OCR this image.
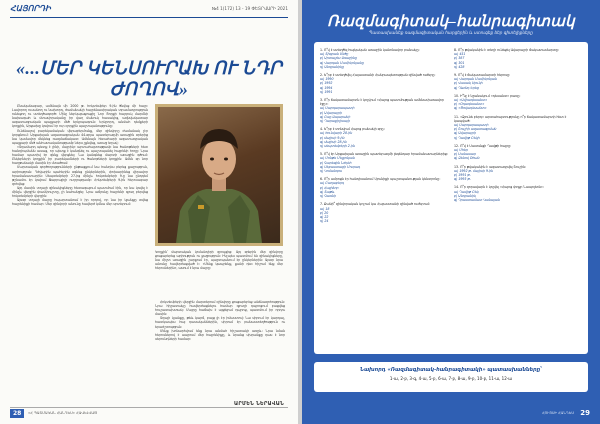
ՀԱՅՈՐԴԻ	№4 1(172) 13 - 19 ՓԵՏՐՎԱՐԻ 2021
«...ՄԵՐ ԿԵՆՍՈՒՐԱԽ ՈՒ ՆԴՐ ԺՈՂՈՎ»

Բնականաբար, ամենայն մի 2000 թ. հոկտեմբեր 9-ին ծնվեց մի հայր։ Լավորող ուսանող ու նախորդ, ժամանակի հայրենասիրական տրամադրություն ունեցող ու ստեղծագործ։ Մինչ ներկայացուցիչ Նոր Յորքի հայդուկ մարմնի նախագահ և մտավորականը իր վաղ մանուկ հասակից, ազնվակատար ազատագրական պայքարի մեծ երկրպագուն։ Երկրորդ, անմահ դեմքերի կողքին, Արցախը կռվում էր ուր զորքին պաշտպանությունը։

Ունենալով բարեկամական վերաբերմունք, մեր զինվորը ժամանակ չէր կորցնում։ Արցախյան ազատագրական 44-օրյա պատերազմի առաջին օրերից նա կամավոր մեկնեց ռազմաճակատ։ Ամենայն հեռահարի ազատագրական պայքարի մեծ անհատականությամբ ներս չքնվեց, առաջ եղավ։

«Տղամարդ պետք է լինի, մայրիկ» արտահայտությամբ նա ծանոթների հետ հանդիպմանն ասաց, որ պետք է կանգնել ու պաշտպանել հայրենի հողը։ Նրա համար պատիվ էր զենք վերցնել։ Նա կանգնեց մարտի առաջին գծում։ Ընկերների կողքին՝ իր բարեկամների ու ծանոթների կողքին։ Ամեն օր նոր հաղթանակի մասին էր մտածում։

Մարտական գործողությունների ընթացքում նա հանդես բերեց քաջություն, արիություն։ Դժվարին պահերին օգնեց ընկերներին, փոխարինեց վիրավոր հրամանատարին։ Սեպտեմբերի 27-ից մինչև հոկտեմբերի 9-ը նա ընդդեմ թշնամու էր կռվում Ջաբրայիլի ուղղությամբ։ Հոկտեմբերի 9-ին հերոսաբար զոհվեց։

Այդ մասին տղայի զինակիցները հետագայում պատմում էին, որ նա կռվել է մինչև վերջին փամփուշտը, չի նահանջել։ Նրա աճյունը հայրենի գյուղ բերվեց հոկտեմբերի վերջին։

Այսօր տղայի մայրը հպարտանում է իր որդով, որ նա իր կյանքը տվեց հայրենիքի համար։ Մեր զինվորի անունը հավերժ կմնա մեր սրտերում։

Կողքին՝ մարտական կոմանդիրի զրույցից։ Այդ օրերին մեր զինվորը ցուցաբերեց արիություն ու քաջություն։ Ինչպես պատմում են զինակիցները, նա միշտ առաջին շարքում էր, պաշտպանում էր ընկերներին։ Այսօր նրա անունը հավերժացված է։ «Մենք կապրենք, քանի դեռ հիշում ենք մեր հերոսներին», ասում է նրա մայրը։

Հոկտեմբերի վերջին մարտերում զինվորը ցուցաբերեց անձնազոհություն։ Նրա հիշատակը հավերժացնելու համար գյուղի դպրոցում բացվեց հուշատախտակ։ Մայրը հաճախ է այցելում դպրոց, պատմում իր որդու մասին։

Տղայի կյանքը, թեև կարճ, բայց լի էր իմաստով։ Նա սիրում էր կարդալ, հատկապես հայ դասականներին, սիրում էր բանաստեղծություն ու երաժշտություն։

Մենք խոնարհվում ենք նրա անմահ հիշատակի առջև։ Նրա նման հերոսներով է ապրում մեր հայրենիքը, և նրանց սխրանքը դաս է նոր սերունդների համար։

ԱՐՄԵՆ ՆԵՐԱՎԱՆ
28	«Հ ՊԱՏՄԱԿԱՆ ՀԱՆԴԵՍ» ՀԱՎԵԼՎԱԾ
Ռազմագիտակ–հանրագիտակ
Պատասխանեք ռազմագիտական հարցերին և ստուգեք ձեր գիտելիքները
1. Ո՞վ է ստեղծել հայկական առաջին կանոնավոր բանակը։
ա) Տիգրան Մեծը
բ) Արտաշես Առաջինը
գ) Վարդան Մամիկոնյանը
դ) Անդրանիկը
2. Ե՞րբ է ստեղծվել Հայաստանի Հանրապետության զինված ուժերը։
ա) 1990
բ) 1992
գ) 1994
դ) 1991
3. Ո՞ր ճակատամարտն է կոչվում «Հայոց պատմության ամենափառավոր էջը»։
ա) Սարդարապատի
բ) Ավարայրի
գ) Բաշ-Ապարանի
դ) Ղարաքիլիսայի
4. Ե՞րբ է տոնվում Հայոց բանակի օրը։
ա) հունվարի 28-ին
բ) մայիսի 9-ին
գ) մայիսի 28-ին
դ) սեպտեմբերի 2-ին
5. Ո՞վ էր Արցախյան առաջին պատերազմի լեգենդար հրամանատարներից։
ա) Մոնթե Մելքոնյան
բ) Գարեգին Նժդեհ
գ) Սեբաստացի Մուրադ
դ) Կոմանդոս
6. Ո՞ր ամրոցն էր հանդիսանում Սյունիքի պաշտպանության կենտրոնը։
ա) Բաղաբերդ
բ) Հալիձոր
գ) Տաթև
դ) Գառնի
7. Քանի՞ զինվորական կոչում կա Հայաստանի զինված ուժերում։
ա) 18
բ) 20
գ) 22
դ) 24
8. Ո՞ր թվականին է տեղի ունեցել Ավարայրի ճակատամարտը։
ա) 451
բ) 387
գ) 301
դ) 428
9. Ո՞վ է ճակատամարտի հերոսը։
ա) Վարդան Մամիկոնյան
բ) Վասակ Սյունի
գ) Ղևոնդ Երեց
10. Ի՞նչ է նշանակում «դեսանտ» բառը։
ա) «Ավիադեսանտ»
բ) «Օդադեսանտ»
գ) «Ծովադեսանտ»
11. «Ձյունե բերդ» արտահայտությունը ո՞ր ճակատամարտի հետ է կապված։
ա) Սարդարապատի
բ) Շուշիի ազատագրման
գ) Ավարայրի
դ) Դավիթ Բեկի
12. Ո՞վ է Սասունցի Դավթի հայրը։
ա) Մհեր
բ) Սանասար
գ) Ձենով Օհան
13. Ո՞ր թվականին է ազատագրվել Շուշին։
ա) 1992 թ. մայիսի 9-ին
բ) 1991 թ.
գ) 1993 թ.
14. Ո՞ր զորավարն է կոչվել «Հայոց փոքր Նապոլեոն»։
ա) Դավիթ Բեկ
բ) Անդրանիկ
գ) Դրաստամատ Կանայան
Նախորդ «Ռազմագիտակ-հանրագիտակի» պատասխանները՝
1-ա, 2-բ, 3-գ, 4-ա, 5-բ, 6-ա, 7-բ, 8-ա, 9-բ, 10-բ, 11-ա, 12-ա
ՀՈՒՅՍԻ ՀԱՆԴԵՍ 29
